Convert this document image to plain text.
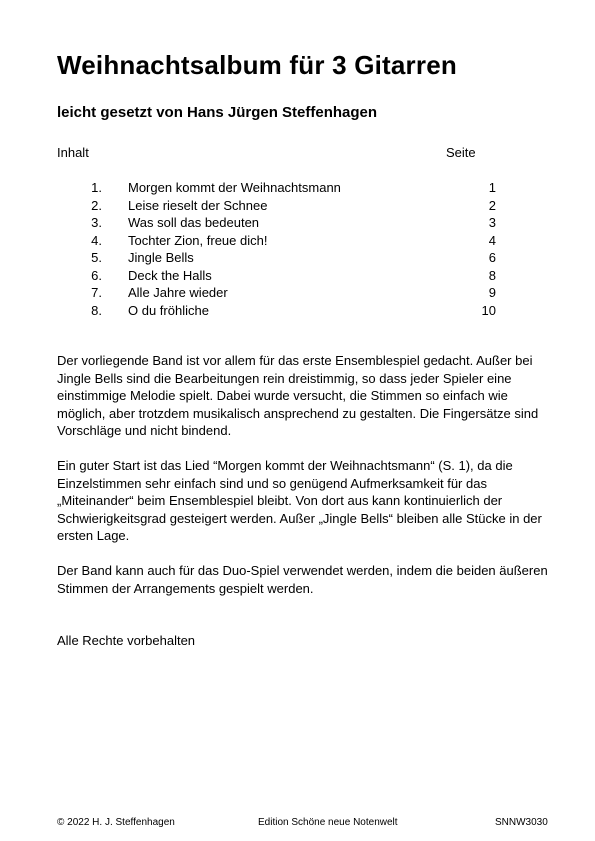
Weihnachtsalbum für 3 Gitarren
leicht gesetzt von Hans Jürgen Steffenhagen
Inhalt	Seite
1. Morgen kommt der Weihnachtsmann	1
2. Leise rieselt der Schnee	2
3. Was soll das bedeuten	3
4. Tochter Zion, freue dich!	4
5. Jingle Bells	6
6. Deck the Halls	8
7. Alle Jahre wieder	9
8. O du fröhliche	10

Der vorliegende Band ist vor allem für das erste Ensemblespiel gedacht. Außer bei Jingle Bells sind die Bearbeitungen rein dreistimmig, so dass jeder Spieler eine einstimmige Melodie spielt. Dabei wurde versucht, die Stimmen so einfach wie möglich, aber trotzdem musikalisch ansprechend zu gestalten. Die Fingersätze sind Vorschläge und nicht bindend.

Ein guter Start ist das Lied “Morgen kommt der Weihnachtsmann“ (S. 1), da die Einzelstimmen sehr einfach sind und so genügend Aufmerksamkeit für das „Miteinander“ beim Ensemblespiel bleibt. Von dort aus kann kontinuierlich der Schwierigkeitsgrad gesteigert werden. Außer „Jingle Bells“ bleiben alle Stücke in der ersten Lage.

Der Band kann auch für das Duo-Spiel verwendet werden, indem die beiden äußeren Stimmen der Arrangements gespielt werden.

Alle Rechte vorbehalten

© 2022 H. J. Steffenhagen	Edition Schöne neue Notenwelt	SNNW3030
